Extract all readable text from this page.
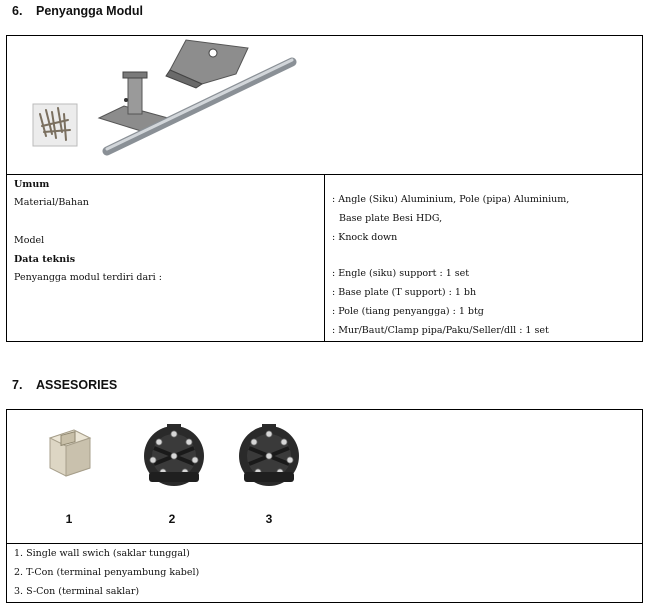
6. Penyangga Modul
Umum
Material/Bahan
Model
Data teknis
Penyangga modul terdiri dari :
: Angle (Siku) Aluminium, Pole (pipa) Aluminium,
Base plate Besi HDG,
: Knock down
: Engle (siku) support : 1 set
: Base plate (T support) : 1 bh
: Pole (tiang penyangga) : 1 btg
: Mur/Baut/Clamp pipa/Paku/Seller/dll : 1 set
7. ASSESORIES
1	2	3
1. Single wall swich (saklar tunggal)
2. T-Con (terminal penyambung kabel)
3. S-Con (terminal saklar)
